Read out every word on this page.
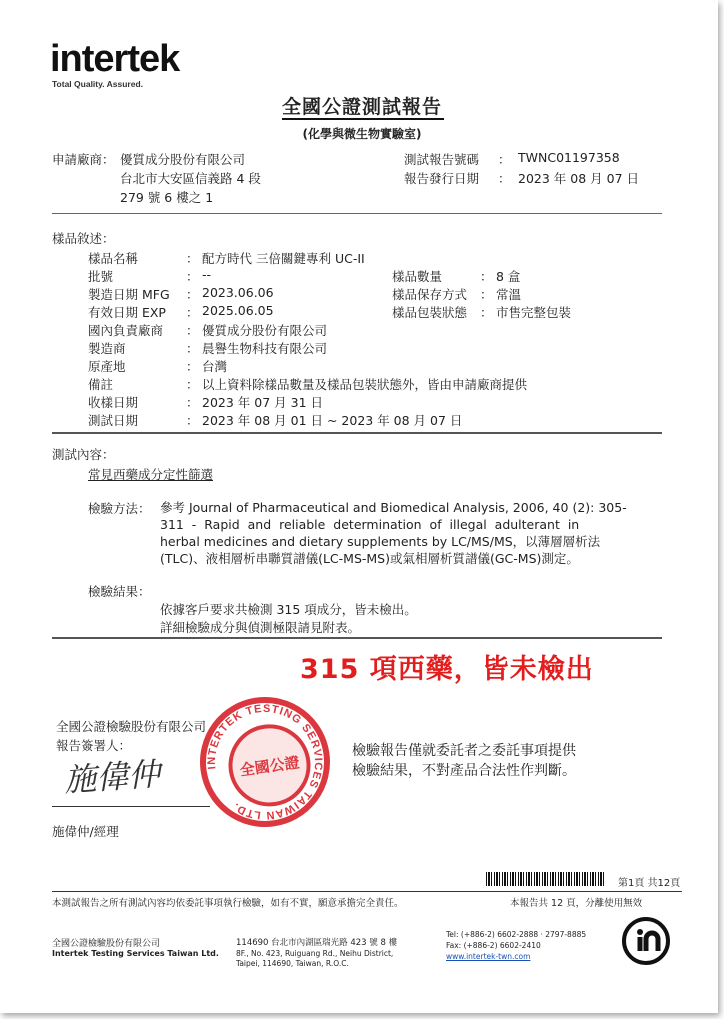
intertek
Total Quality. Assured.
全國公證測試報告
(化學與微生物實驗室)
申請廠商： 優質成分股份有限公司
台北市大安區信義路 4 段
279 號 6 樓之 1
測試報告號碼 ： TWNC01197358
報告發行日期 ： 2023 年 08 月 07 日
樣品敘述：
樣品名稱	： 配方時代 三倍關鍵專利 UC-II
批號	： --
製造日期 MFG ： 2023.06.06
有效日期 EXP ： 2025.06.05
國內負責廠商 ： 優質成分股份有限公司
製造商	： 晨譽生物科技有限公司
原產地	： 台灣
備註	： 以上資料除樣品數量及樣品包裝狀態外，皆由申請廠商提供
收樣日期	： 2023 年 07 月 31 日
測試日期	： 2023 年 08 月 01 日 ~ 2023 年 08 月 07 日
樣品數量	： 8 盒
樣品保存方式 ： 常溫
樣品包裝狀態 ： 市售完整包裝
測試內容：
常見西藥成分定性篩選
檢驗方法： 參考 Journal of Pharmaceutical and Biomedical Analysis, 2006, 40 (2): 305-
311  -  Rapid  and  reliable  determination  of  illegal  adulterant  in
herbal medicines and dietary supplements by LC/MS/MS，以薄層層析法
(TLC)、液相層析串聯質譜儀(LC-MS-MS)或氣相層析質譜儀(GC-MS)測定。
檢驗結果：
依據客戶要求共檢測 315 項成分，皆未檢出。
詳細檢驗成分與偵測極限請見附表。
315 項西藥，皆未檢出
全國公證檢驗股份有限公司
報告簽署人：
施偉仲
施偉仲/經理
INTERTEK TESTING SERVICES TAIWAN LTD.
全國公證
檢驗報告僅就委託者之委託事項提供
檢驗結果，不對產品合法性作判斷。
第1頁 共12頁
本測試報告之所有測試內容均依委託事項執行檢驗，如有不實，願意承擔完全責任。	本報告共 12 頁，分離使用無效
全國公證檢驗股份有限公司
Intertek Testing Services Taiwan Ltd.
114690 台北市內湖區瑞光路 423 號 8 樓
8F., No. 423, Ruiguang Rd., Neihu District,
Taipei, 114690, Taiwan, R.O.C.
Tel: (+886-2) 6602-2888 · 2797-8885
Fax: (+886-2) 6602-2410
www.intertek-twn.com
